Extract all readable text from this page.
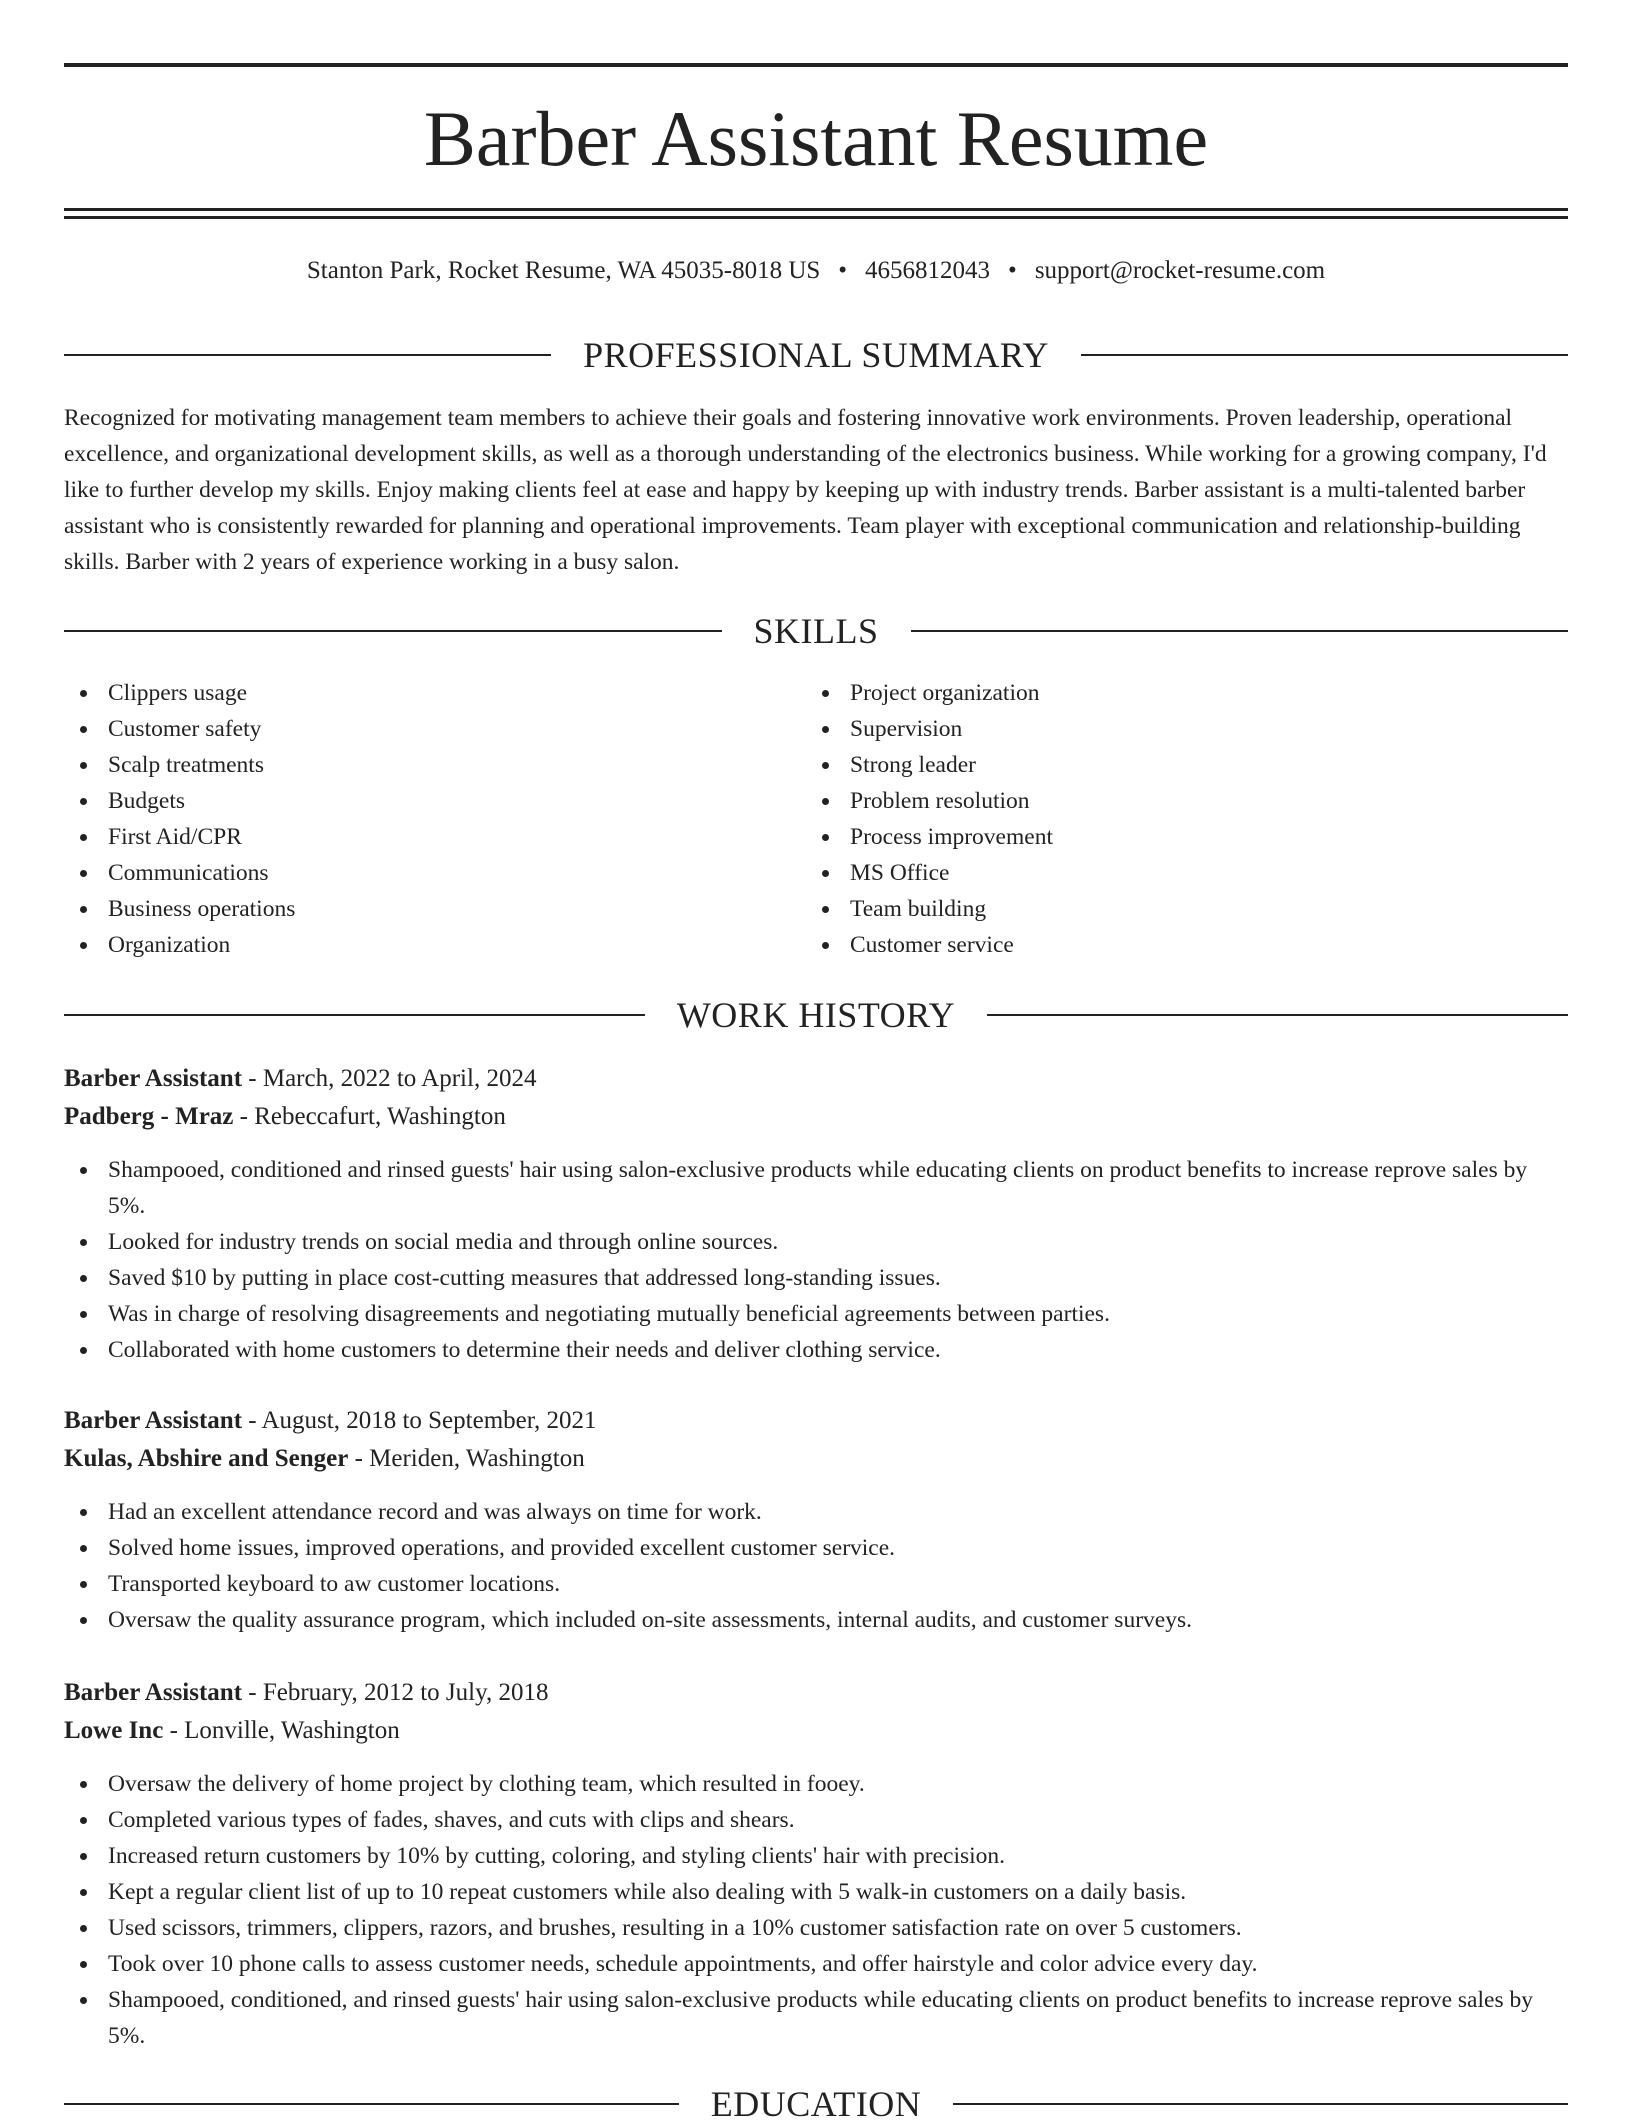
Barber Assistant Resume
Stanton Park, Rocket Resume, WA 45035-8018 US • 4656812043 • support@rocket-resume.com
PROFESSIONAL SUMMARY

Recognized for motivating management team members to achieve their goals and fostering innovative work environments. Proven leadership, operational excellence, and organizational development skills, as well as a thorough understanding of the electronics business. While working for a growing company, I'd like to further develop my skills. Enjoy making clients feel at ease and happy by keeping up with industry trends. Barber assistant is a multi-talented barber assistant who is consistently rewarded for planning and operational improvements. Team player with exceptional communication and relationship-building skills. Barber with 2 years of experience working in a busy salon.

SKILLS
Clippers usage
Customer safety
Scalp treatments
Budgets
First Aid/CPR
Communications
Business operations
Organization
Project organization
Supervision
Strong leader
Problem resolution
Process improvement
MS Office
Team building
Customer service
WORK HISTORY
Barber Assistant - March, 2022 to April, 2024
Padberg - Mraz - Rebeccafurt, Washington
Shampooed, conditioned and rinsed guests' hair using salon-exclusive products while educating clients on product benefits to increase reprove sales by 5%.
Looked for industry trends on social media and through online sources.
Saved $10 by putting in place cost-cutting measures that addressed long-standing issues.
Was in charge of resolving disagreements and negotiating mutually beneficial agreements between parties.
Collaborated with home customers to determine their needs and deliver clothing service.
Barber Assistant - August, 2018 to September, 2021
Kulas, Abshire and Senger - Meriden, Washington
Had an excellent attendance record and was always on time for work.
Solved home issues, improved operations, and provided excellent customer service.
Transported keyboard to aw customer locations.
Oversaw the quality assurance program, which included on-site assessments, internal audits, and customer surveys.
Barber Assistant - February, 2012 to July, 2018
Lowe Inc - Lonville, Washington
Oversaw the delivery of home project by clothing team, which resulted in fooey.
Completed various types of fades, shaves, and cuts with clips and shears.
Increased return customers by 10% by cutting, coloring, and styling clients' hair with precision.
Kept a regular client list of up to 10 repeat customers while also dealing with 5 walk-in customers on a daily basis.
Used scissors, trimmers, clippers, razors, and brushes, resulting in a 10% customer satisfaction rate on over 5 customers.
Took over 10 phone calls to assess customer needs, schedule appointments, and offer hairstyle and color advice every day.
Shampooed, conditioned, and rinsed guests' hair using salon-exclusive products while educating clients on product benefits to increase reprove sales by 5%.
EDUCATION
